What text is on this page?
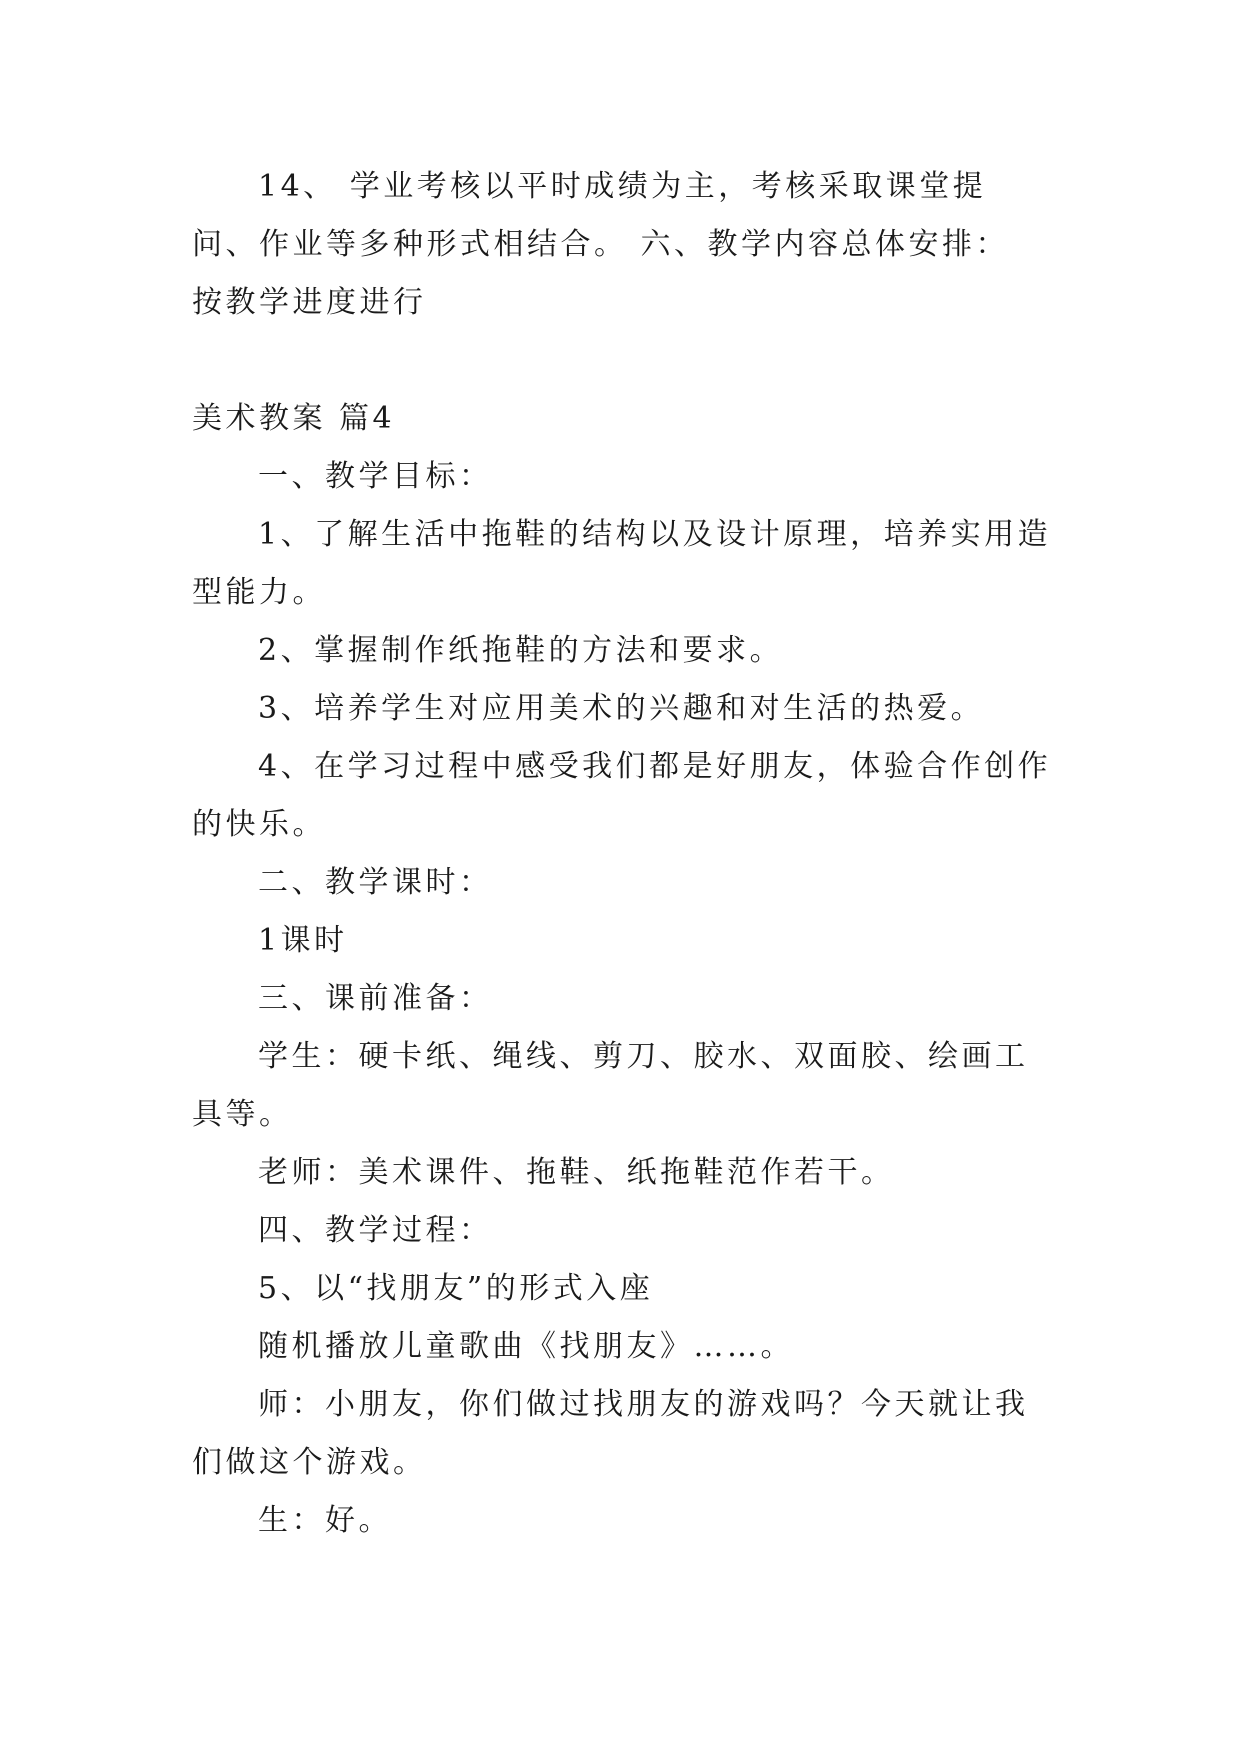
14、 学业考核以平时成绩为主，考核采取课堂提问、作业等多种形式相结合。 六、教学内容总体安排： 按教学进度进行

美术教案 篇4

一、教学目标：

1、了解生活中拖鞋的结构以及设计原理，培养实用造型能力。

2、掌握制作纸拖鞋的方法和要求。

3、培养学生对应用美术的兴趣和对生活的热爱。

4、在学习过程中感受我们都是好朋友，体验合作创作的快乐。

二、教学课时：

1课时

三、课前准备：

学生：硬卡纸、绳线、剪刀、胶水、双面胶、绘画工具等。

老师：美术课件、拖鞋、纸拖鞋范作若干。

四、教学过程：

5、以“找朋友”的形式入座

随机播放儿童歌曲《找朋友》……。

师：小朋友，你们做过找朋友的游戏吗？今天就让我们做这个游戏。

生：好。
